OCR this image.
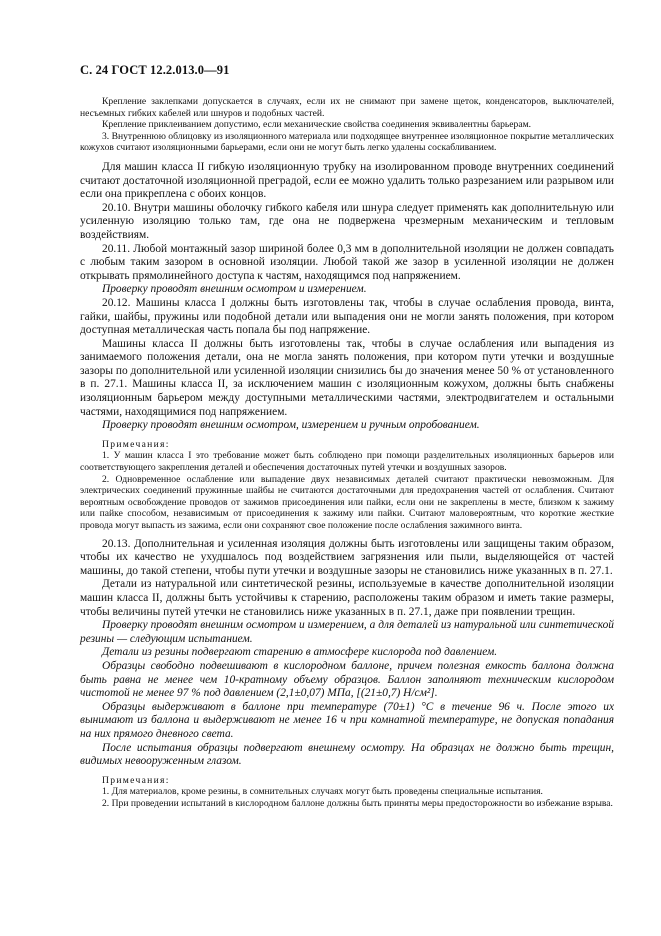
С. 24 ГОСТ 12.2.013.0—91

Крепление заклепками допускается в случаях, если их не снимают при замене щеток, конденсаторов, выключателей, несъемных гибких кабелей или шнуров и подобных частей.

Крепление приклеиванием допустимо, если механические свойства соединения эквивалентны барьерам.

3. Внутреннюю облицовку из изоляционного материала или подходящее внутреннее изоляционное покрытие металлических кожухов считают изоляционными барьерами, если они не могут быть легко удалены соскабливанием.

Для машин класса II гибкую изоляционную трубку на изолированном проводе внутренних соединений считают достаточной изоляционной преградой, если ее можно удалить только разрезанием или разрывом или если она прикреплена с обоих концов.

20.10. Внутри машины оболочку гибкого кабеля или шнура следует применять как дополнительную или усиленную изоляцию только там, где она не подвержена чрезмерным механическим и тепловым воздействиям.

20.11. Любой монтажный зазор шириной более 0,3 мм в дополнительной изоляции не должен совпадать с любым таким зазором в основной изоляции. Любой такой же зазор в усиленной изоляции не должен открывать прямолинейного доступа к частям, находящимся под напряжением.

Проверку проводят внешним осмотром и измерением.

20.12. Машины класса I должны быть изготовлены так, чтобы в случае ослабления провода, винта, гайки, шайбы, пружины или подобной детали или выпадения они не могли занять положения, при котором доступная металлическая часть попала бы под напряжение.

Машины класса II должны быть изготовлены так, чтобы в случае ослабления или выпадения из занимаемого положения детали, она не могла занять положения, при котором пути утечки и воздушные зазоры по дополнительной или усиленной изоляции снизились бы до значения менее 50 % от установленного в п. 27.1. Машины класса II, за исключением машин с изоляционным кожухом, должны быть снабжены изоляционным барьером между доступными металлическими частями, электродвигателем и остальными частями, находящимися под напряжением.

Проверку проводят внешним осмотром, измерением и ручным опробованием.

Примечания:

1. У машин класса I это требование может быть соблюдено при помощи разделительных изоляционных барьеров или соответствующего закрепления деталей и обеспечения достаточных путей утечки и воздушных зазоров.

2. Одновременное ослабление или выпадение двух независимых деталей считают практически невозможным. Для электрических соединений пружинные шайбы не считаются достаточными для предохранения частей от ослабления. Считают вероятным освобождение проводов от зажимов присоединения или пайки, если они не закреплены в месте, близком к зажиму или пайке способом, независимым от присоединения к зажиму или пайки. Считают маловероятным, что короткие жесткие провода могут выпасть из зажима, если они сохраняют свое положение после ослабления зажимного винта.

20.13. Дополнительная и усиленная изоляция должны быть изготовлены или защищены таким образом, чтобы их качество не ухудшалось под воздействием загрязнения или пыли, выделяющейся от частей машины, до такой степени, чтобы пути утечки и воздушные зазоры не становились ниже указанных в п. 27.1.

Детали из натуральной или синтетической резины, используемые в качестве дополнительной изоляции машин класса II, должны быть устойчивы к старению, расположены таким образом и иметь такие размеры, чтобы величины путей утечки не становились ниже указанных в п. 27.1, даже при появлении трещин.

Проверку проводят внешним осмотром и измерением, а для деталей из натуральной или синтетической резины — следующим испытанием.

Детали из резины подвергают старению в атмосфере кислорода под давлением.

Образцы свободно подвешивают в кислородном баллоне, причем полезная емкость баллона должна быть равна не менее чем 10-кратному объему образцов. Баллон заполняют техническим кислородом чистотой не менее 97 % под давлением (2,1±0,07) МПа, [(21±0,7) Н/см²].

Образцы выдерживают в баллоне при температуре (70±1) °С в течение 96 ч. После этого их вынимают из баллона и выдерживают не менее 16 ч при комнатной температуре, не допуская попадания на них прямого дневного света.

После испытания образцы подвергают внешнему осмотру. На образцах не должно быть трещин, видимых невооруженным глазом.

Примечания:

1. Для материалов, кроме резины, в сомнительных случаях могут быть проведены специальные испытания.

2. При проведении испытаний в кислородном баллоне должны быть приняты меры предосторожности во избежание взрыва.
